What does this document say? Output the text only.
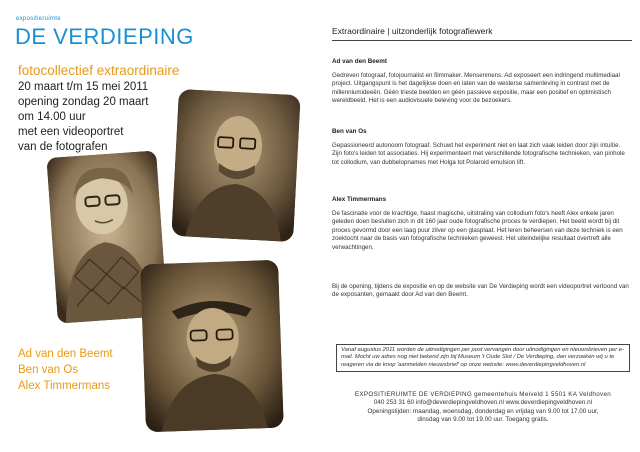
expositieruimte
DE VERDIEPING
fotocollectief extraordinaire
20 maart t/m 15 mei 2011
opening zondag 20 maart
om 14.00 uur
met een videoportret
van de fotografen
Ad van den Beemt
Ben van Os
Alex Timmermans
Extraordinaire | uitzonderlijk fotografiewerk
Ad van den Beemt
Gedreven fotograaf, fotojournalist en filmmaker. Mensenmens. Ad exposeert een indringend multimediaal project. Uitgangspunt is het dagelijkse doen en laten van de westerse samenleving in contrast met de millenniumideeën. Géén trieste beelden en géén passieve expositie, maar een positief en optimistisch wereldbeeld. Het is een audiovisuele beleving voor de bezoekers.
Ben van Os
Gepassioneerd autonoom fotograaf. Schuwt het experiment niet en laat zich vaak leiden door zijn intuïtie. Zijn foto's leiden tot associaties. Hij experimenteert met verschillende fotografische technieken, van pinhole tot collodium, van dubbelopnames met Holga tot Polaroid emulsion lift.
Alex Timmermans
De fascinatie voor de krachtige, haast magische, uitstraling van collodium foto's heeft Alex enkele jaren geleden doen besluiten zich in dit 160 jaar oude fotografische proces te verdiepen. Het beeld wordt bij dit proces gevormd door een laag puur zilver op een glasplaat. Het leren beheersen van deze techniek is een zoektocht naar de basis van fotografische technieken geweest. Het uiteindelijke resultaat overtreft alle verwachtingen.
Bij de opening, tijdens de expositie en op de website van De Verdieping wordt een videoportret vertoond van de exposanten, gemaakt door Ad van den Beemt.
Vanaf augustus 2011 worden de uitnodigingen per post vervangen door uitnodigingen en nieuwsbrieven per e-mail. Mocht uw adres nog niet bekend zijn bij Museum 't Oude Slot / De Verdieping, dan verzoeken wij u te reageren via de knop 'aanmelden nieuwsbrief' op onze website: www.deverdiepingveldhoven.nl
EXPOSITIERUIMTE DE VERDIEPING gemeentehuis Meiveld 1 5501 KA Veldhoven
040 253 31 60 info@deverdiepingveldhoven.nl www.deverdiepingveldhoven.nl
Openingstijden: maandag, woensdag, donderdag en vrijdag van 9.00 tot 17.00 uur,
dinsdag van 9.00 tot 19.00 uur. Toegang gratis.
